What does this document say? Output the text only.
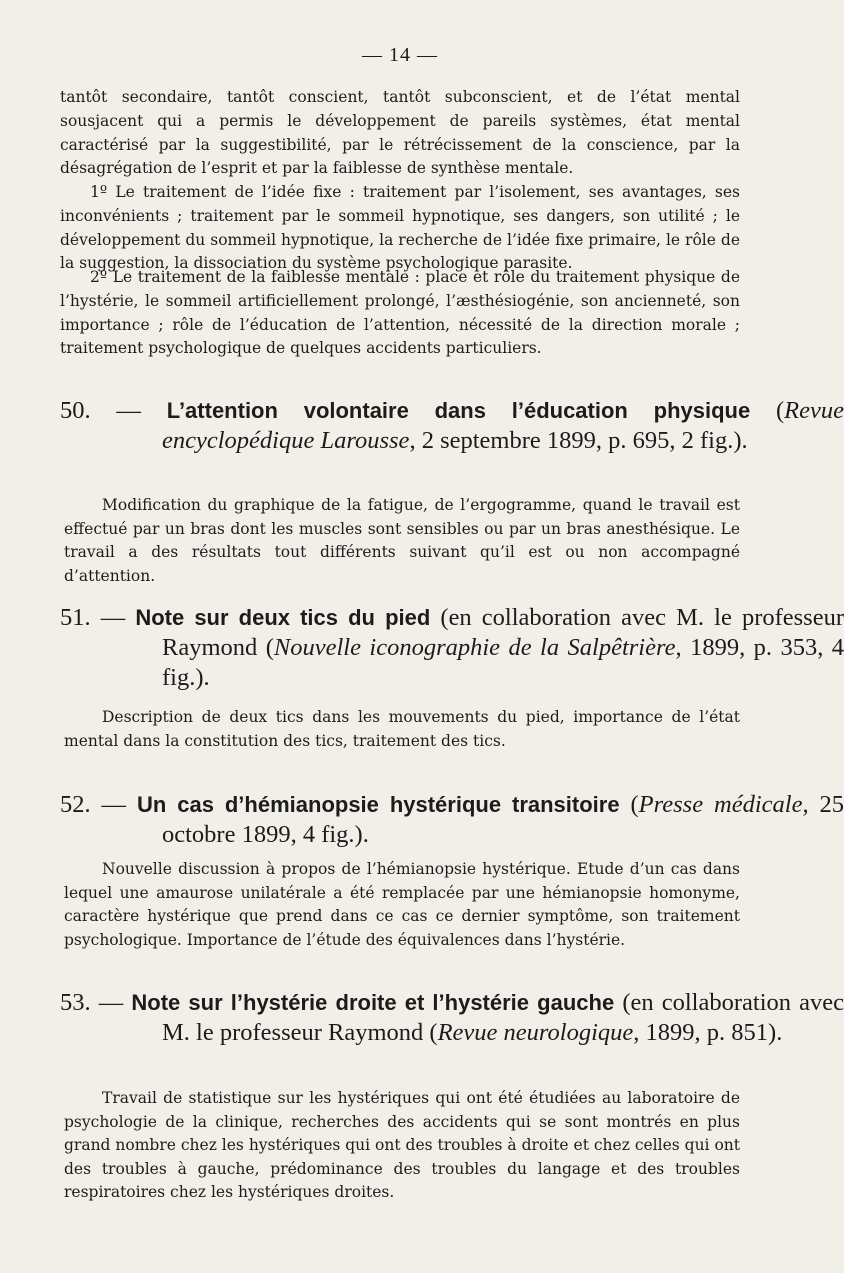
— 14 —

tantôt secondaire, tantôt conscient, tantôt subconscient, et de l’état mental sousjacent qui a permis le développement de pareils systèmes, état mental caractérisé par la suggestibilité, par le rétrécissement de la conscience, par la désagrégation de l’esprit et par la faiblesse de synthèse mentale.

1º Le traitement de l’idée fixe : traitement par l’isolement, ses avantages, ses inconvénients ; traitement par le sommeil hypnotique, ses dangers, son utilité ; le développement du sommeil hypnotique, la recherche de l’idée fixe primaire, le rôle de la suggestion, la dissociation du système psychologique parasite.

2º Le traitement de la faiblesse mentale : place et rôle du traitement physique de l’hystérie, le sommeil artificiellement prolongé, l’æsthésiogénie, son ancienneté, son importance ; rôle de l’éducation de l’attention, nécessité de la direction morale ; traitement psychologique de quelques accidents particuliers.

50. — L’attention volontaire dans l’éducation physique (Revue encyclopédique Larousse, 2 septembre 1899, p. 695, 2 fig.).

Modification du graphique de la fatigue, de l’ergogramme, quand le travail est effectué par un bras dont les muscles sont sensibles ou par un bras anesthésique. Le travail a des résultats tout différents suivant qu’il est ou non accompagné d’attention.

51. — Note sur deux tics du pied (en collaboration avec M. le professeur Raymond (Nouvelle iconographie de la Salpêtrière, 1899, p. 353, 4 fig.).

Description de deux tics dans les mouvements du pied, importance de l’état mental dans la constitution des tics, traitement des tics.

52. — Un cas d’hémianopsie hystérique transitoire (Presse médicale, 25 octobre 1899, 4 fig.).

Nouvelle discussion à propos de l’hémianopsie hystérique. Etude d’un cas dans lequel une amaurose unilatérale a été remplacée par une hémianopsie homonyme, caractère hystérique que prend dans ce cas ce dernier symptôme, son traitement psychologique. Importance de l’étude des équivalences dans l’hystérie.

53. — Note sur l’hystérie droite et l’hystérie gauche (en collaboration avec M. le professeur Raymond (Revue neurologique, 1899, p. 851).

Travail de statistique sur les hystériques qui ont été étudiées au laboratoire de psychologie de la clinique, recherches des accidents qui se sont montrés en plus grand nombre chez les hystériques qui ont des troubles à droite et chez celles qui ont des troubles à gauche, prédominance des troubles du langage et des troubles respiratoires chez les hystériques droites.
